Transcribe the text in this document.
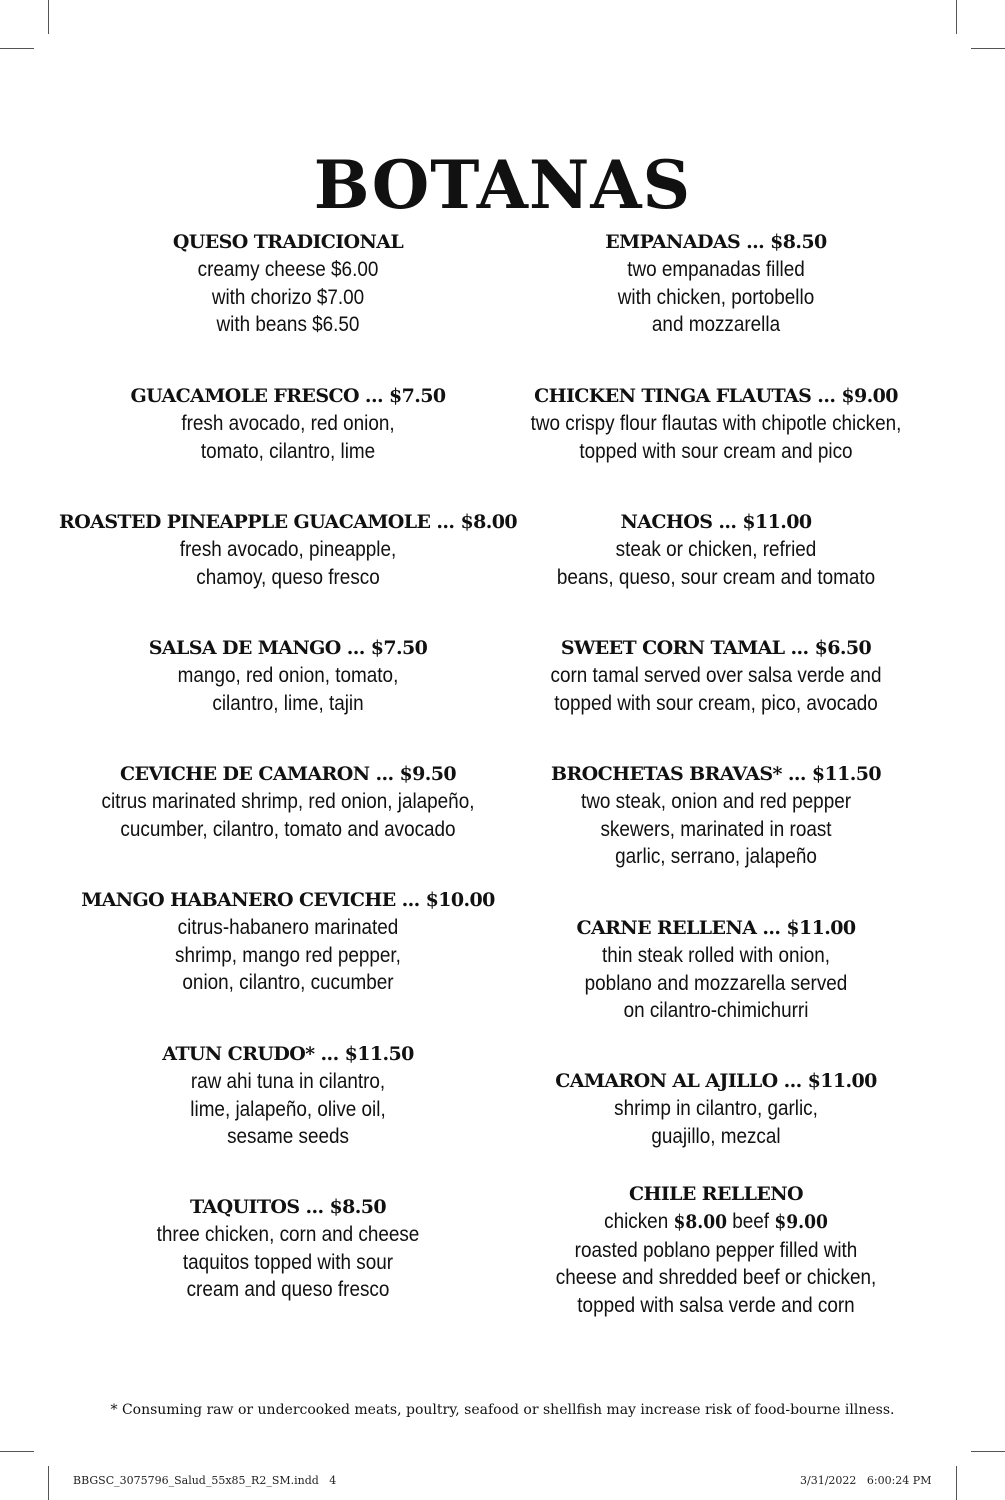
BOTANAS
QUESO TRADICIONAL
creamy cheese $6.00
with chorizo $7.00
with beans $6.50
GUACAMOLE FRESCO ... $7.50
fresh avocado, red onion,
tomato, cilantro, lime
ROASTED PINEAPPLE GUACAMOLE ... $8.00
fresh avocado, pineapple,
chamoy, queso fresco
SALSA DE MANGO ... $7.50
mango, red onion, tomato,
cilantro, lime, tajin
CEVICHE DE CAMARON ... $9.50
citrus marinated shrimp, red onion, jalapeño,
cucumber, cilantro, tomato and avocado
MANGO HABANERO CEVICHE ... $10.00
citrus-habanero marinated
shrimp, mango red pepper,
onion, cilantro, cucumber
ATUN CRUDO* ... $11.50
raw ahi tuna in cilantro,
lime, jalapeño, olive oil,
sesame seeds
TAQUITOS ... $8.50
three chicken, corn and cheese
taquitos topped with sour
cream and queso fresco
EMPANADAS ... $8.50
two empanadas filled
with chicken, portobello
and mozzarella
CHICKEN TINGA FLAUTAS ... $9.00
two crispy flour flautas with chipotle chicken,
topped with sour cream and pico
NACHOS ... $11.00
steak or chicken, refried
beans, queso, sour cream and tomato
SWEET CORN TAMAL ... $6.50
corn tamal served over salsa verde and
topped with sour cream, pico, avocado
BROCHETAS BRAVAS* ... $11.50
two steak, onion and red pepper
skewers, marinated in roast
garlic, serrano, jalapeño
CARNE RELLENA ... $11.00
thin steak rolled with onion,
poblano and mozzarella served
on cilantro-chimichurri
CAMARON AL AJILLO ... $11.00
shrimp in cilantro, garlic,
guajillo, mezcal
CHILE RELLENO
chicken $8.00 beef $9.00
roasted poblano pepper filled with
cheese and shredded beef or chicken,
topped with salsa verde and corn
* Consuming raw or undercooked meats, poultry, seafood or shellfish may increase risk of food-bourne illness.
BBGSC_3075796_Salud_55x85_R2_SM.indd   4	3/31/2022   6:00:24 PM
